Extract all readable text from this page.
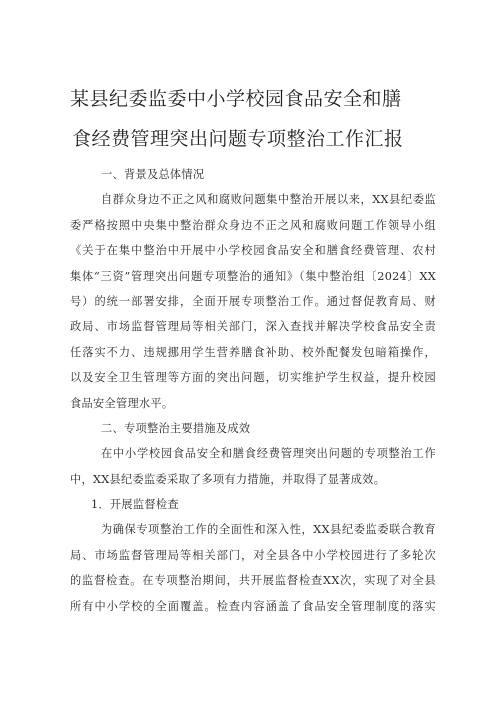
某县纪委监委中小学校园食品安全和膳
食经费管理突出问题专项整治工作汇报
一、背景及总体情况
自群众身边不正之风和腐败问题集中整治开展以来，XX县纪委监
委严格按照中央集中整治群众身边不正之风和腐败问题工作领导小组
《关于在集中整治中开展中小学校园食品安全和膳食经费管理、农村
集体“三资”管理突出问题专项整治的通知》（集中整治组〔2024〕XX
号）的统一部署安排，全面开展专项整治工作。通过督促教育局、财
政局、市场监督管理局等相关部门，深入查找并解决学校食品安全责
任落实不力、违规挪用学生营养膳食补助、校外配餐发包暗箱操作，
以及安全卫生管理等方面的突出问题，切实维护学生权益，提升校园
食品安全管理水平。
二、专项整治主要措施及成效
在中小学校园食品安全和膳食经费管理突出问题的专项整治工作
中，XX县纪委监委采取了多项有力措施，并取得了显著成效。
1．开展监督检查
为确保专项整治工作的全面性和深入性，XX县纪委监委联合教育
局、市场监督管理局等相关部门，对全县各中小学校园进行了多轮次
的监督检查。在专项整治期间，共开展监督检查XX次，实现了对全县
所有中小学校的全面覆盖。检查内容涵盖了食品安全管理制度的落实
